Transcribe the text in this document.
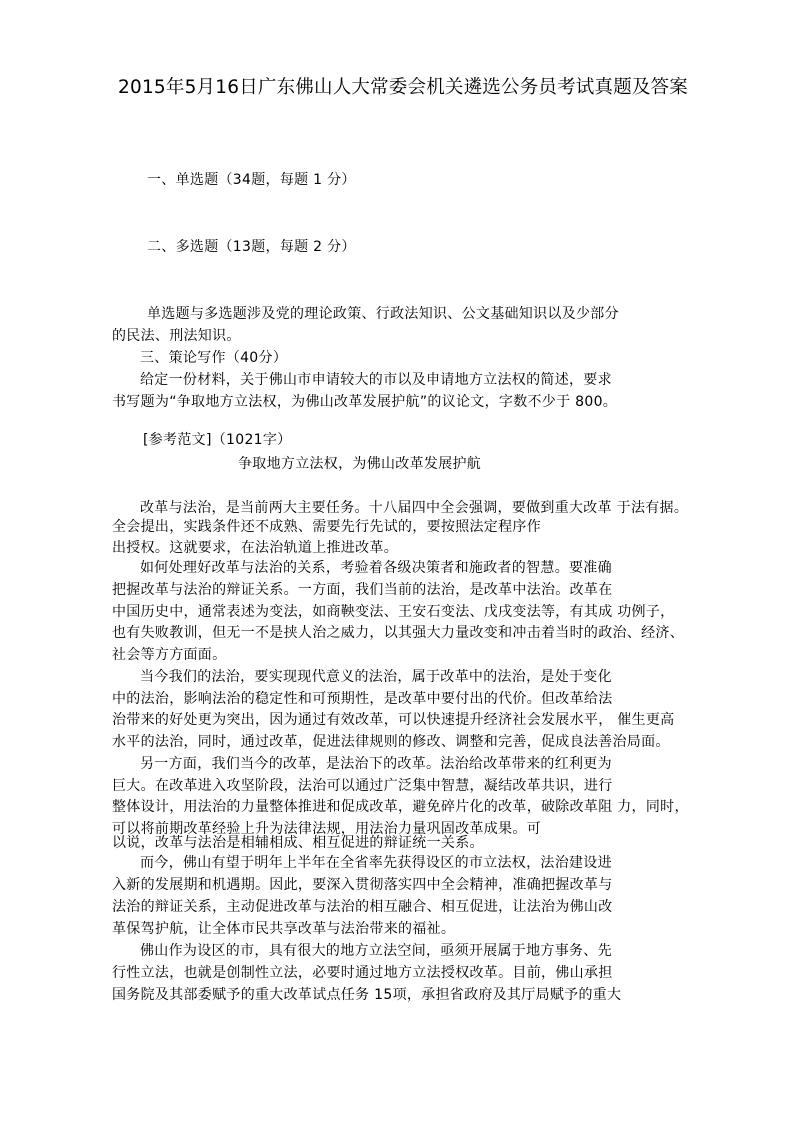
2015年5月16日广东佛山人大常委会机关遴选公务员考试真题及答案
一、单选题（34题，每题 1 分）
二、多选题（13题，每题 2 分）
单选题与多选题涉及党的理论政策、行政法知识、公文基础知识以及少部分
的民法、刑法知识。
三、策论写作（40分）
给定一份材料，关于佛山市申请较大的市以及申请地方立法权的简述，要求
书写题为“争取地方立法权，为佛山改革发展护航”的议论文，字数不少于 800。
[参考范文]（1021字）
争取地方立法权，为佛山改革发展护航
改革与法治，是当前两大主要任务。十八届四中全会强调，要做到重大改革 于法有据。
全会提出，实践条件还不成熟、需要先行先试的，要按照法定程序作
出授权。这就要求，在法治轨道上推进改革。
如何处理好改革与法治的关系，考验着各级决策者和施政者的智慧。要准确
把握改革与法治的辩证关系。一方面，我们当前的法治，是改革中法治。改革在
中国历史中，通常表述为变法，如商鞅变法、王安石变法、戊戌变法等，有其成 功例子，
也有失败教训，但无一不是挟人治之威力，以其强大力量改变和冲击着当时的政治、经济、
社会等方方面面。
当今我们的法治，要实现现代意义的法治，属于改革中的法治，是处于变化
中的法治，影响法治的稳定性和可预期性，是改革中要付出的代价。但改革给法
治带来的好处更为突出，因为通过有效改革，可以快速提升经济社会发展水平， 催生更高
水平的法治，同时，通过改革，促进法律规则的修改、调整和完善，促成良法善治局面。
另一方面，我们当今的改革，是法治下的改革。法治给改革带来的红利更为
巨大。在改革进入攻坚阶段，法治可以通过广泛集中智慧，凝结改革共识，进行
整体设计，用法治的力量整体推进和促成改革，避免碎片化的改革，破除改革阻 力，同时，
可以将前期改革经验上升为法律法规，用法治力量巩固改革成果。可
以说，改革与法治是相辅相成、相互促进的辩证统一关系。
而今，佛山有望于明年上半年在全省率先获得设区的市立法权，法治建设进
入新的发展期和机遇期。因此，要深入贯彻落实四中全会精神，准确把握改革与
法治的辩证关系，主动促进改革与法治的相互融合、相互促进，让法治为佛山改
革保驾护航，让全体市民共享改革与法治带来的福祉。
佛山作为设区的市，具有很大的地方立法空间，亟须开展属于地方事务、先
行性立法，也就是创制性立法，必要时通过地方立法授权改革。目前，佛山承担
国务院及其部委赋予的重大改革试点任务 15项，承担省政府及其厅局赋予的重大
